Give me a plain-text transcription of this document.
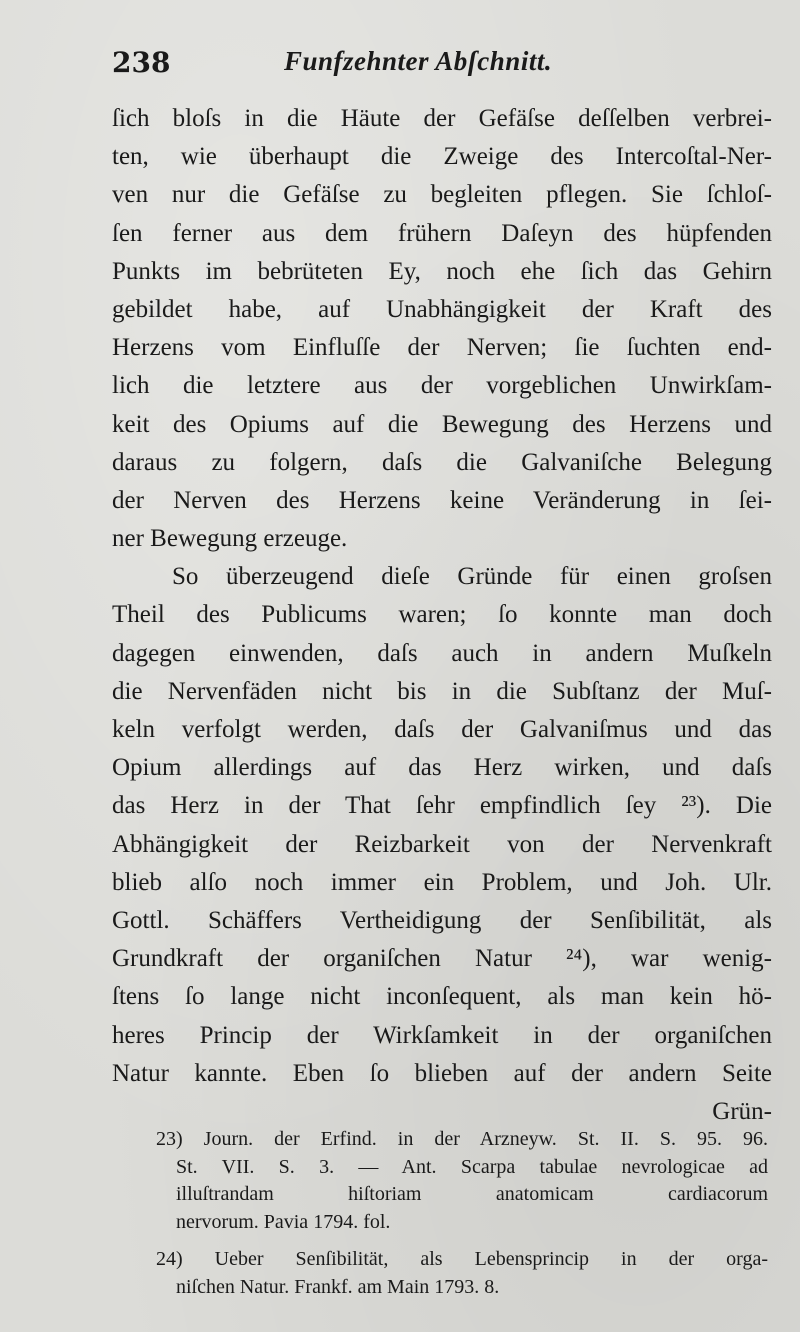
238	Funfzehnter Abſchnitt.
ſich bloſs in die Häute der Gefäſse deſſelben verbrei-
ten, wie überhaupt die Zweige des Intercoſtal-Ner-
ven nur die Gefäſse zu begleiten pflegen. Sie ſchloſ-
ſen ferner aus dem frühern Daſeyn des hüpfenden
Punkts im bebrüteten Ey, noch ehe ſich das Gehirn
gebildet habe, auf Unabhängigkeit der Kraft des
Herzens vom Einfluſſe der Nerven; ſie ſuchten end-
lich die letztere aus der vorgeblichen Unwirkſam-
keit des Opiums auf die Bewegung des Herzens und
daraus zu folgern, daſs die Galvaniſche Belegung
der Nerven des Herzens keine Veränderung in ſei-
ner Bewegung erzeuge.
So überzeugend dieſe Gründe für einen groſsen
Theil des Publicums waren; ſo konnte man doch
dagegen einwenden, daſs auch in andern Muſkeln
die Nervenfäden nicht bis in die Subſtanz der Muſ-
keln verfolgt werden, daſs der Galvaniſmus und das
Opium allerdings auf das Herz wirken, und daſs
das Herz in der That ſehr empfindlich ſey ²³). Die
Abhängigkeit der Reizbarkeit von der Nervenkraft
blieb alſo noch immer ein Problem, und Joh. Ulr.
Gottl. Schäffers Vertheidigung der Senſibilität, als
Grundkraft der organiſchen Natur ²⁴), war wenig-
ſtens ſo lange nicht inconſequent, als man kein hö-
heres Princip der Wirkſamkeit in der organiſchen
Natur kannte. Eben ſo blieben auf der andern Seite
Grün-
23) Journ. der Erfind. in der Arzneyw. St. II. S. 95. 96.
St. VII. S. 3. — Ant. Scarpa tabulae nevrologicae ad
illuſtrandam hiſtoriam anatomicam cardiacorum
nervorum. Pavia 1794. fol.
24) Ueber Senſibilität, als Lebensprincip in der orga-
niſchen Natur. Frankf. am Main 1793. 8.
